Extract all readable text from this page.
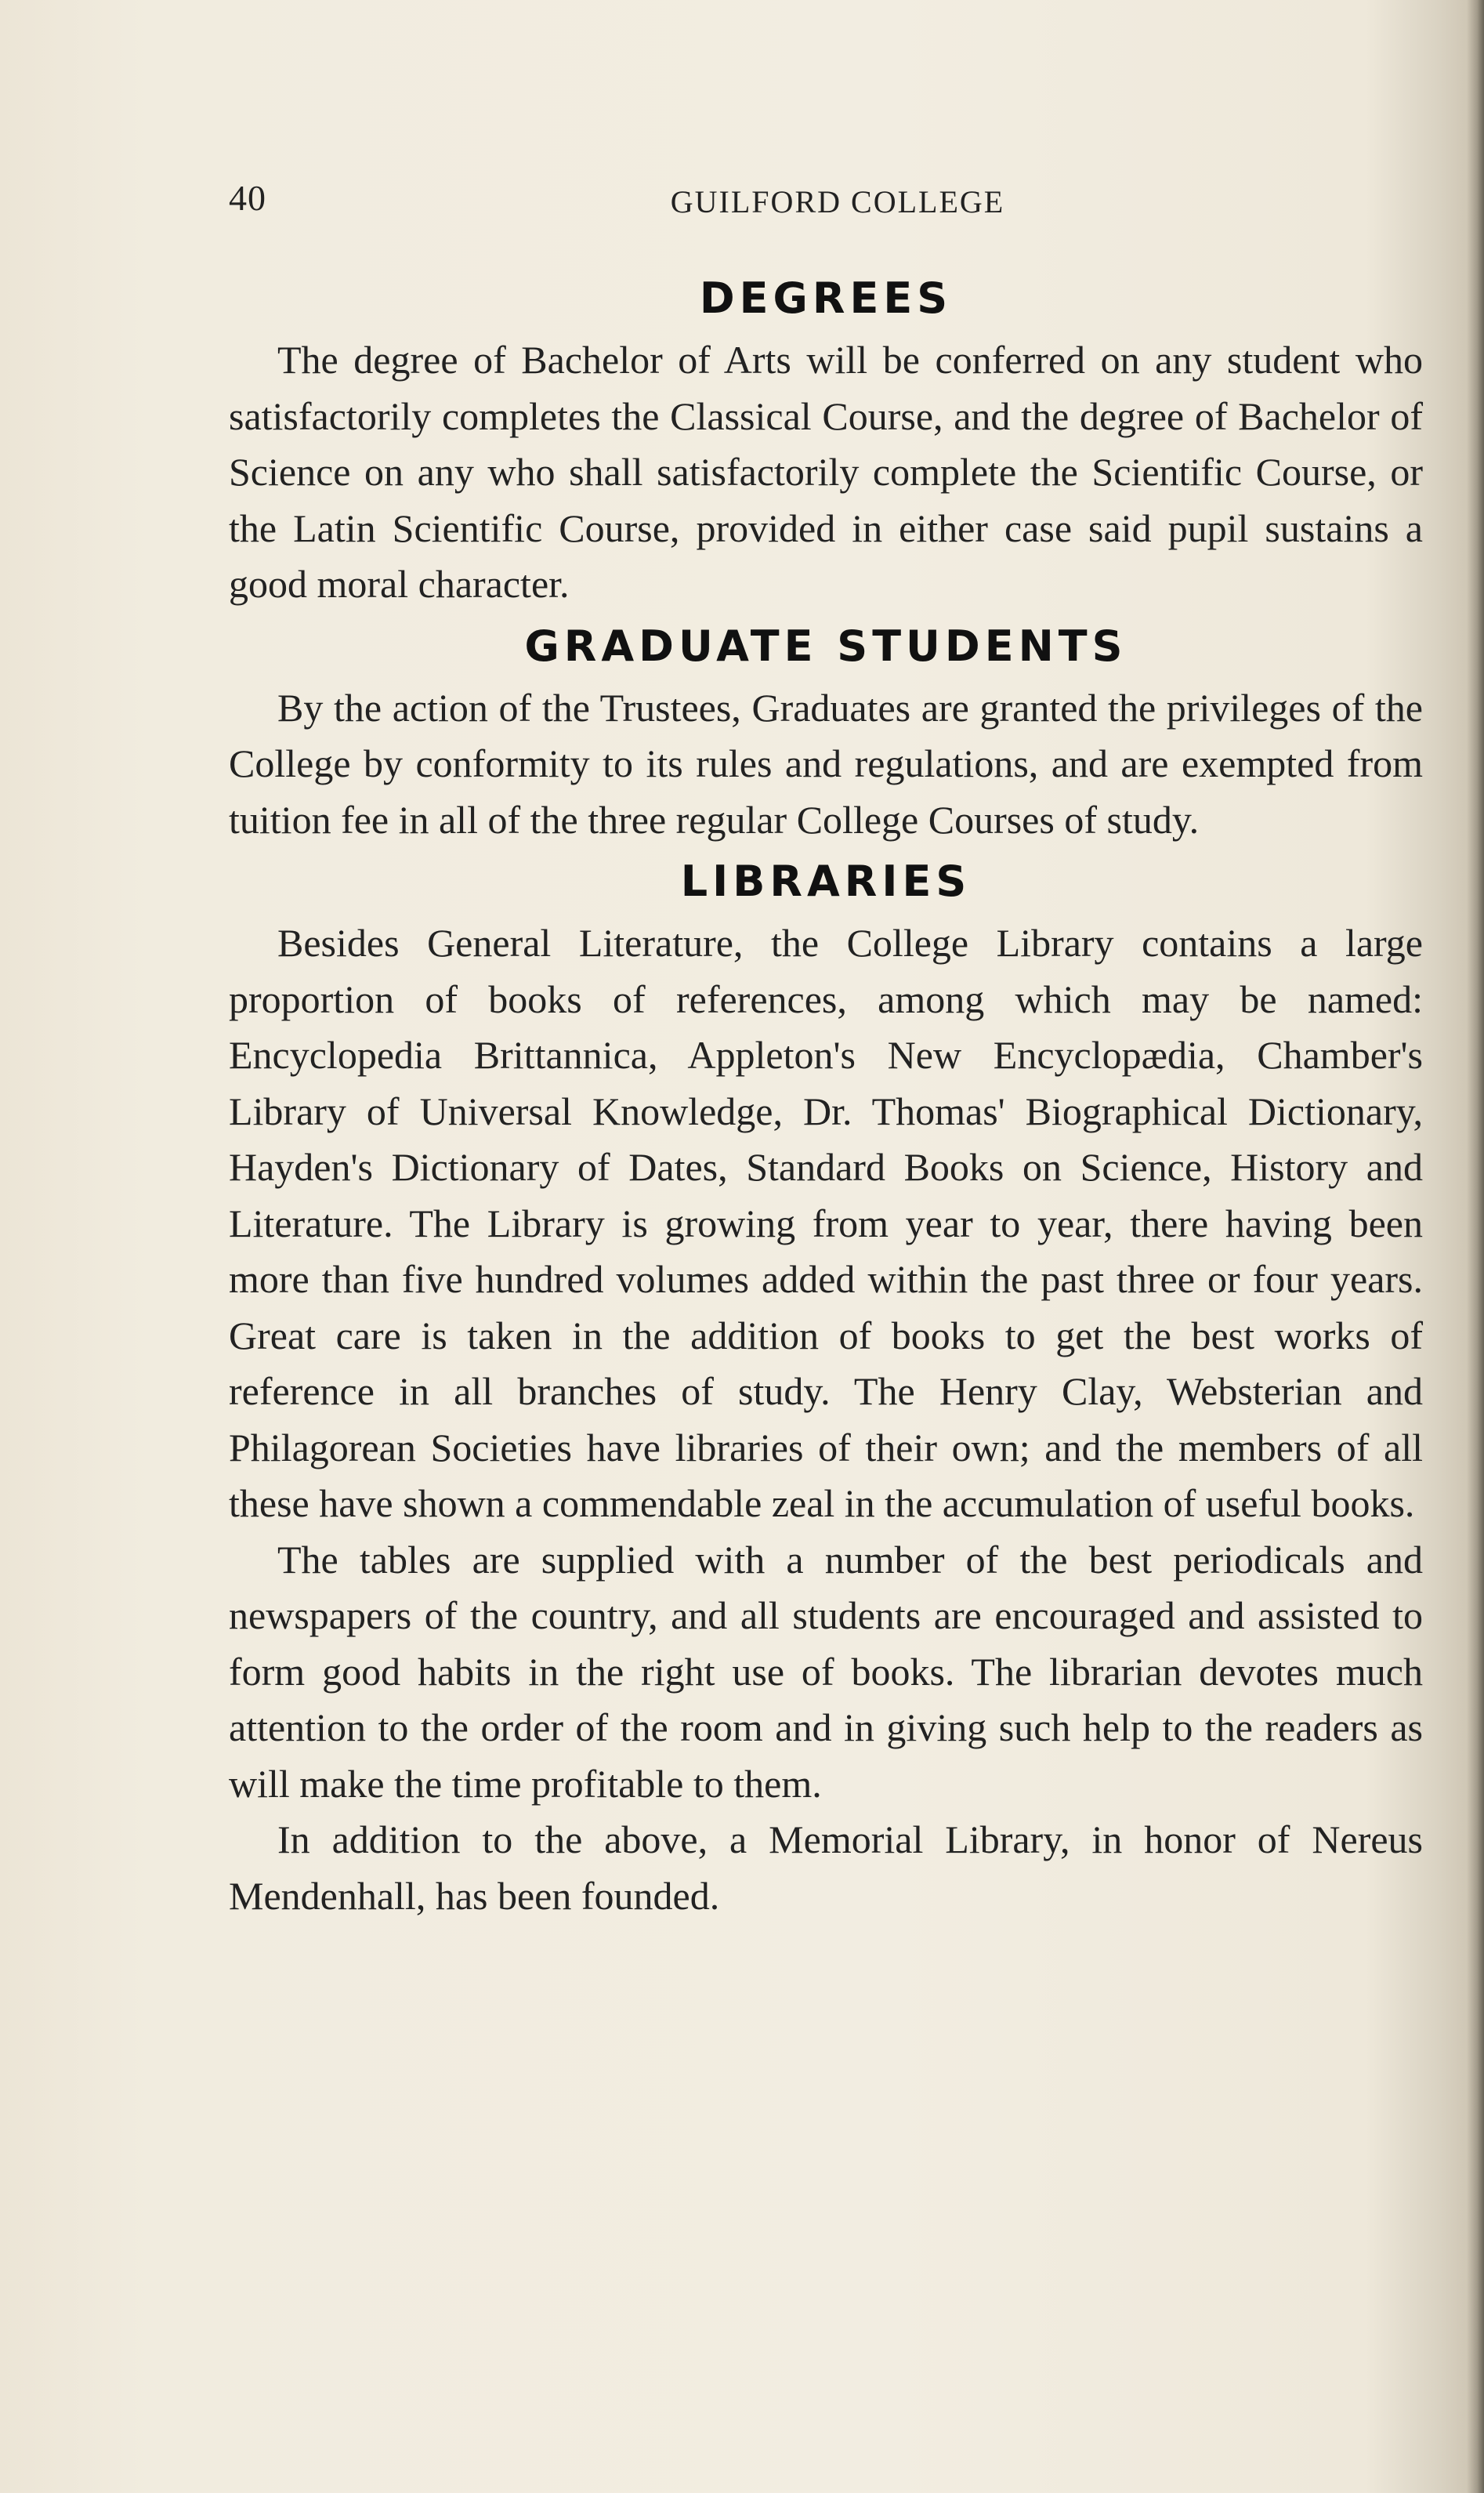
40	GUILFORD COLLEGE
DEGREES

The degree of Bachelor of Arts will be conferred on any student who satisfactorily completes the Classical Course, and the degree of Bachelor of Science on any who shall satisfactorily complete the Scientific Course, or the Latin Scientific Course, provided in either case said pupil sustains a good moral character.

GRADUATE STUDENTS

By the action of the Trustees, Graduates are granted the privileges of the College by conformity to its rules and regulations, and are exempted from tuition fee in all of the three regular College Courses of study.

LIBRARIES

Besides General Literature, the College Library contains a large proportion of books of references, among which may be named: Encyclopedia Brittannica, Appleton's New Encyclopædia, Chamber's Library of Universal Knowledge, Dr. Thomas' Biographical Dictionary, Hayden's Dictionary of Dates, Standard Books on Science, History and Literature. The Library is growing from year to year, there having been more than five hundred volumes added within the past three or four years. Great care is taken in the addition of books to get the best works of reference in all branches of study. The Henry Clay, Websterian and Philagorean Societies have libraries of their own; and the members of all these have shown a commendable zeal in the accumulation of useful books.

The tables are supplied with a number of the best periodicals and newspapers of the country, and all students are encouraged and assisted to form good habits in the right use of books. The librarian devotes much attention to the order of the room and in giving such help to the readers as will make the time profitable to them.

In addition to the above, a Memorial Library, in honor of Nereus Mendenhall, has been founded.
